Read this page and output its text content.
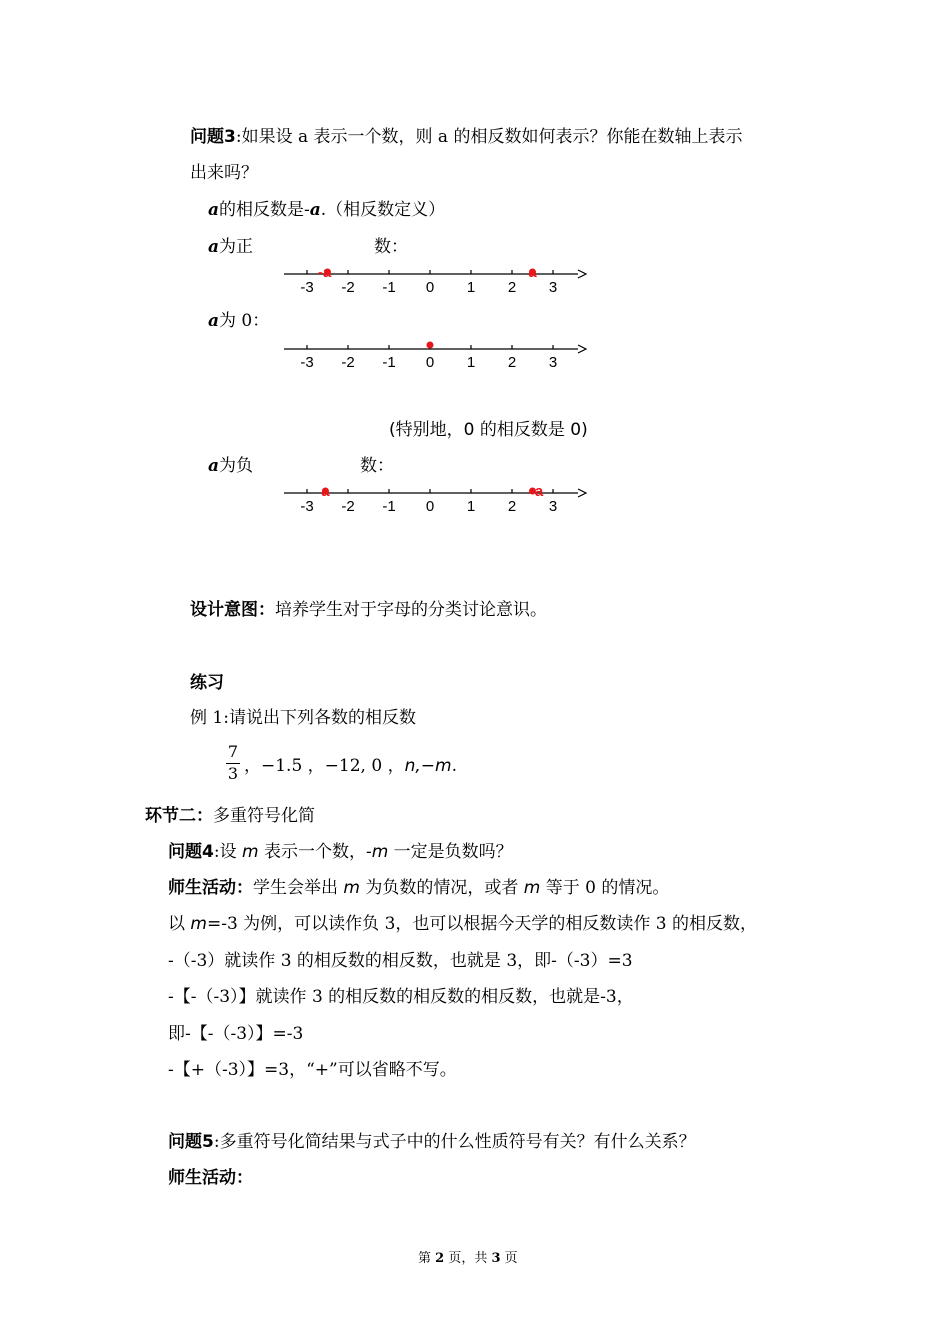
问题3:如果设 a 表示一个数，则 a 的相反数如何表示？你能在数轴上表示
出来吗？
a的相反数是-a.（相反数定义）
a为正	数：
-3 -2 -1 0 1 2 3
-a	a
a为 0：
-3 -2 -1 0 1 2 3
(特别地，0 的相反数是 0)
a为负	数：
-3 -2 -1 0 1 2 3
a	-a
设计意图：培养学生对于字母的分类讨论意识。
练习
例 1:请说出下列各数的相反数
7
3 ，−1.5 ，−12, 0 ，n,−m.
环节二：多重符号化简
问题4:设 m 表示一个数，-m 一定是负数吗？
师生活动：学生会举出 m 为负数的情况，或者 m 等于 0 的情况。
以 m=-3 为例，可以读作负 3，也可以根据今天学的相反数读作 3 的相反数，
-（-3）就读作 3 的相反数的相反数，也就是 3，即-（-3）=3
-【-（-3）】就读作 3 的相反数的相反数的相反数，也就是-3，
即-【-（-3）】=-3
-【+（-3）】=3，“+”可以省略不写。
问题5:多重符号化简结果与式子中的什么性质符号有关？有什么关系？
师生活动：
第 2 页，共 3 页
